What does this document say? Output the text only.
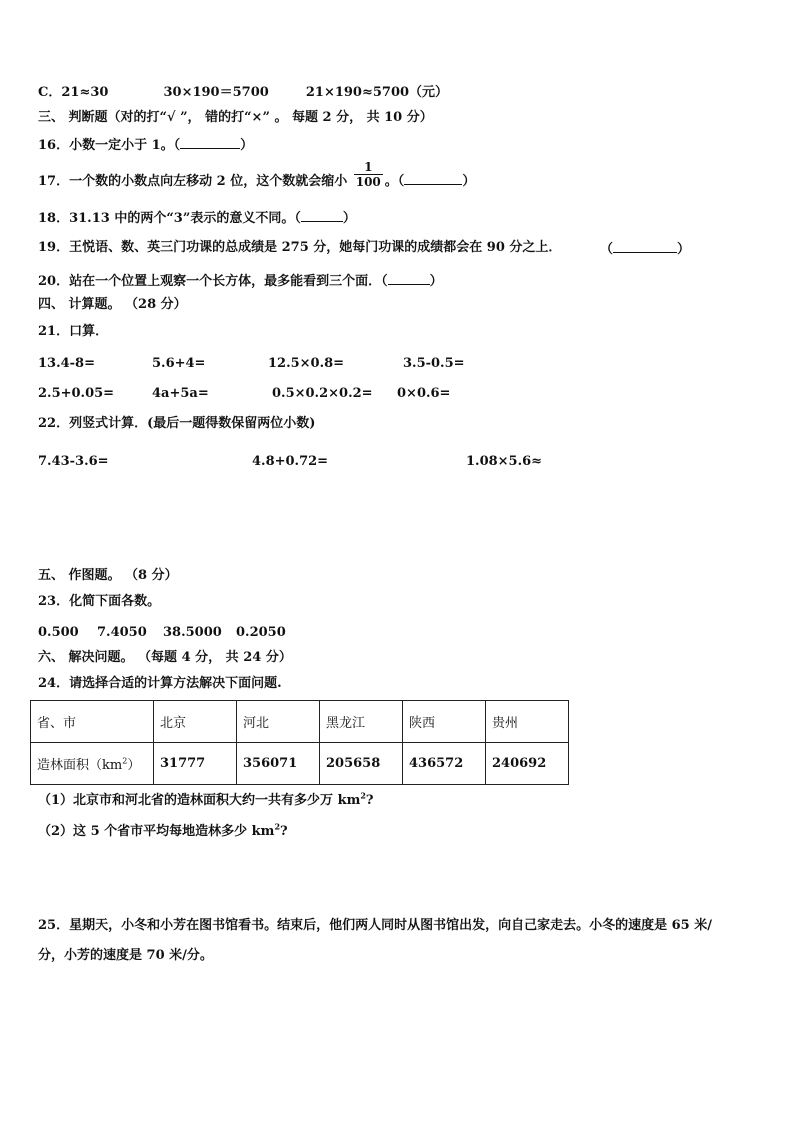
C．21≈30	30×190＝5700	21×190≈5700（元）
三、 判断题（对的打“√ ”， 错的打“×” 。 每题 2 分， 共 10 分）
16．小数一定小于 1。（	）
17．一个数的小数点向左移动 2 位，这个数就会缩小 $\frac{1}{100}$ 。（	）
18．31.13 中的两个“3”表示的意义不同。（	）
19．王悦语、数、英三门功课的总成绩是 275 分，她每门功课的成绩都会在 90 分之上．	（	）
20．站在一个位置上观察一个长方体，最多能看到三个面．（	）
四、 计算题。 （28 分）
21．口算．
13.4-8=	5.6+4=	12.5×0.8=	3.5-0.5=
2.5+0.05=	4a+5a=	0.5×0.2×0.2= 0×0.6=
22．列竖式计算．(最后一题得数保留两位小数)
7.43-3.6=	4.8+0.72=	1.08×5.6≈
五、 作图题。 （8 分）
23．化简下面各数。
0.500 7.4050 38.5000 0.2050
六、 解决问题。 （每题 4 分， 共 24 分）
24．请选择合适的计算方法解决下面问题.
省、市	北京	河北	黑龙江	陕西	贵州
造林面积$(km^2)$	31777	356071	205658	436572	240692
（1）北京市和河北省的造林面积大约一共有多少万 $km^2$?
（2）这 5 个省市平均每地造林多少 $km^2$?
25．星期天，小冬和小芳在图书馆看书。结束后，他们两人同时从图书馆出发，向自己家走去。小冬的速度是 65 米/
分，小芳的速度是 70 米/分。
